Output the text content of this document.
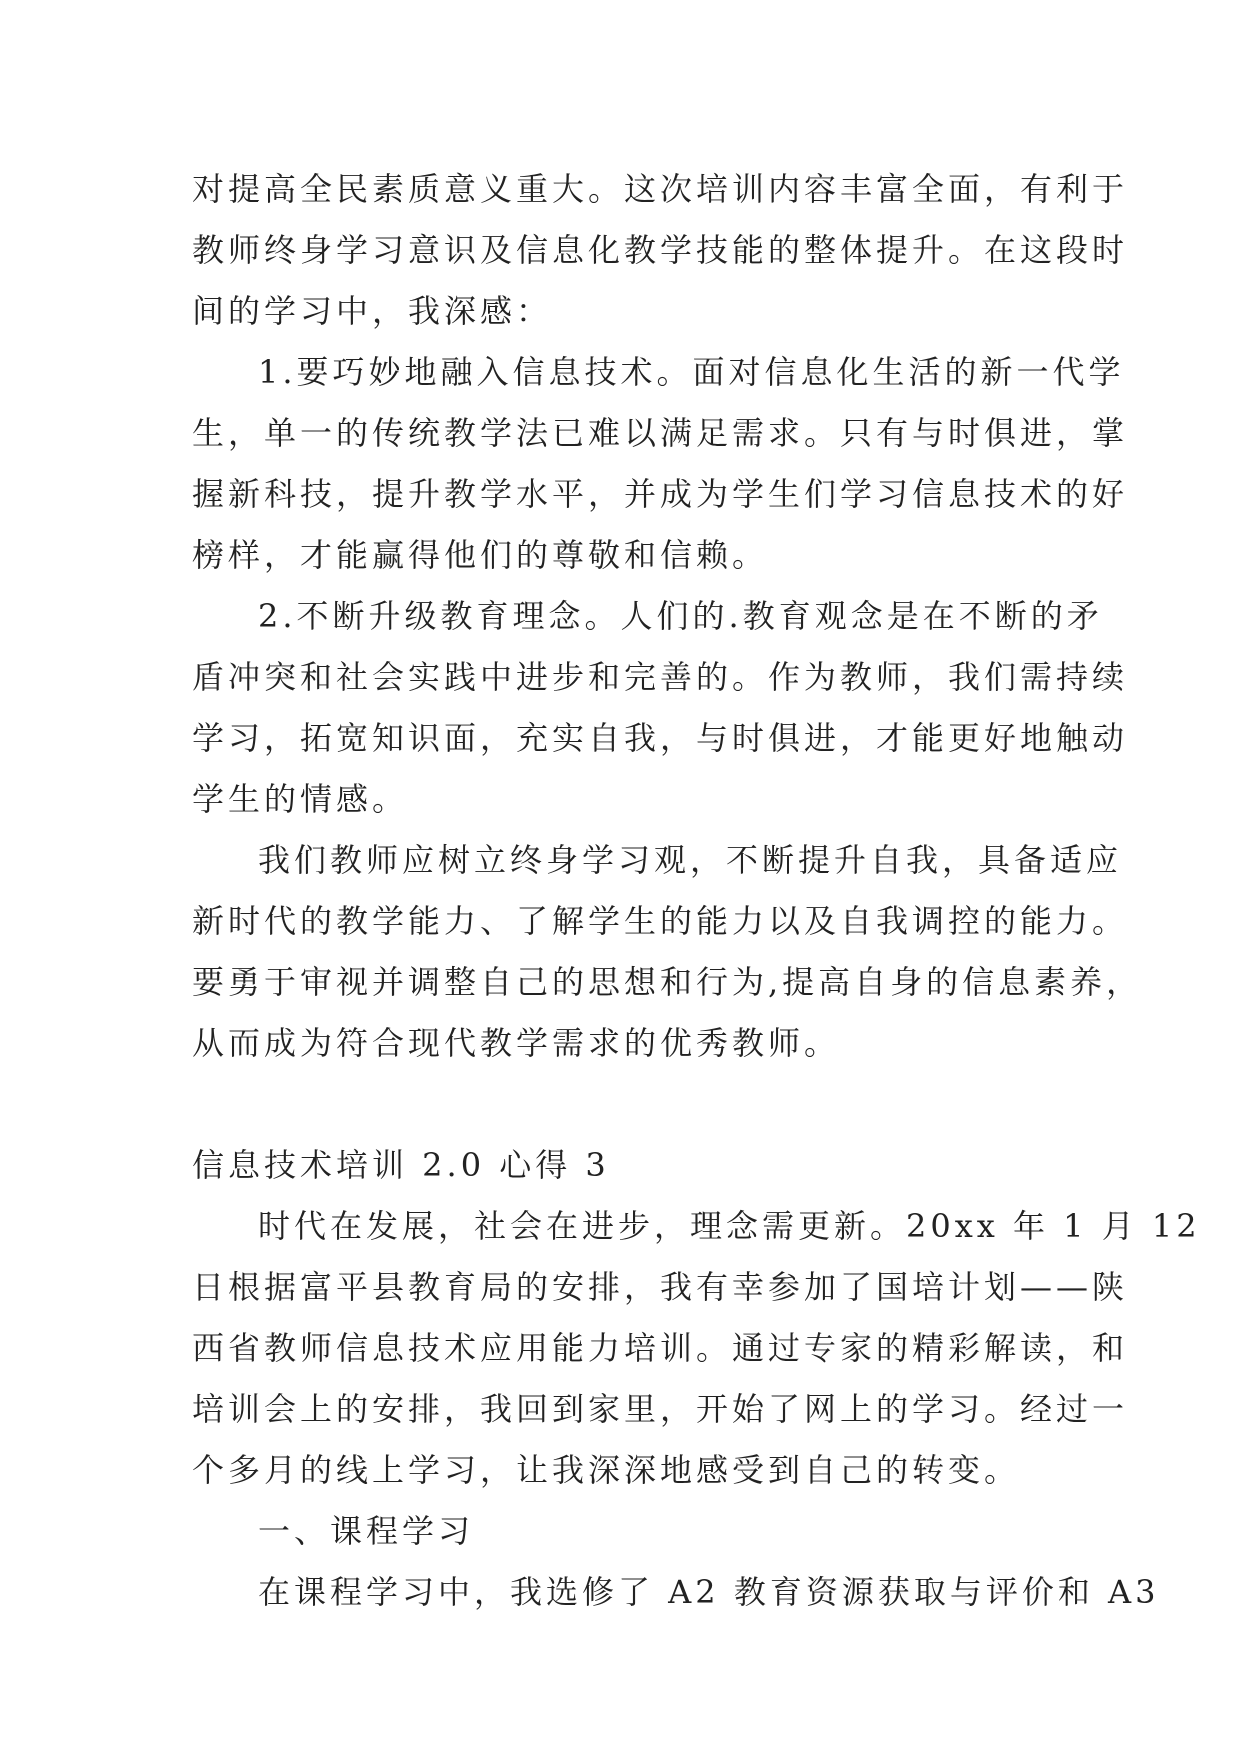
对提高全民素质意义重大。这次培训内容丰富全面，有利于
教师终身学习意识及信息化教学技能的整体提升。在这段时
间的学习中，我深感：
1.要巧妙地融入信息技术。面对信息化生活的新一代学
生，单一的传统教学法已难以满足需求。只有与时俱进，掌
握新科技，提升教学水平，并成为学生们学习信息技术的好
榜样，才能赢得他们的尊敬和信赖。
2.不断升级教育理念。人们的.教育观念是在不断的矛
盾冲突和社会实践中进步和完善的。作为教师，我们需持续
学习，拓宽知识面，充实自我，与时俱进，才能更好地触动
学生的情感。
我们教师应树立终身学习观，不断提升自我，具备适应
新时代的教学能力、了解学生的能力以及自我调控的能力。
要勇于审视并调整自己的思想和行为,提高自身的信息素养，
从而成为符合现代教学需求的优秀教师。
信息技术培训 2.0 心得 3
时代在发展，社会在进步，理念需更新。20xx 年 1 月 12
日根据富平县教育局的安排，我有幸参加了国培计划——陕
西省教师信息技术应用能力培训。通过专家的精彩解读，和
培训会上的安排，我回到家里，开始了网上的学习。经过一
个多月的线上学习，让我深深地感受到自己的转变。
一、课程学习
在课程学习中，我选修了 A2 教育资源获取与评价和 A3
